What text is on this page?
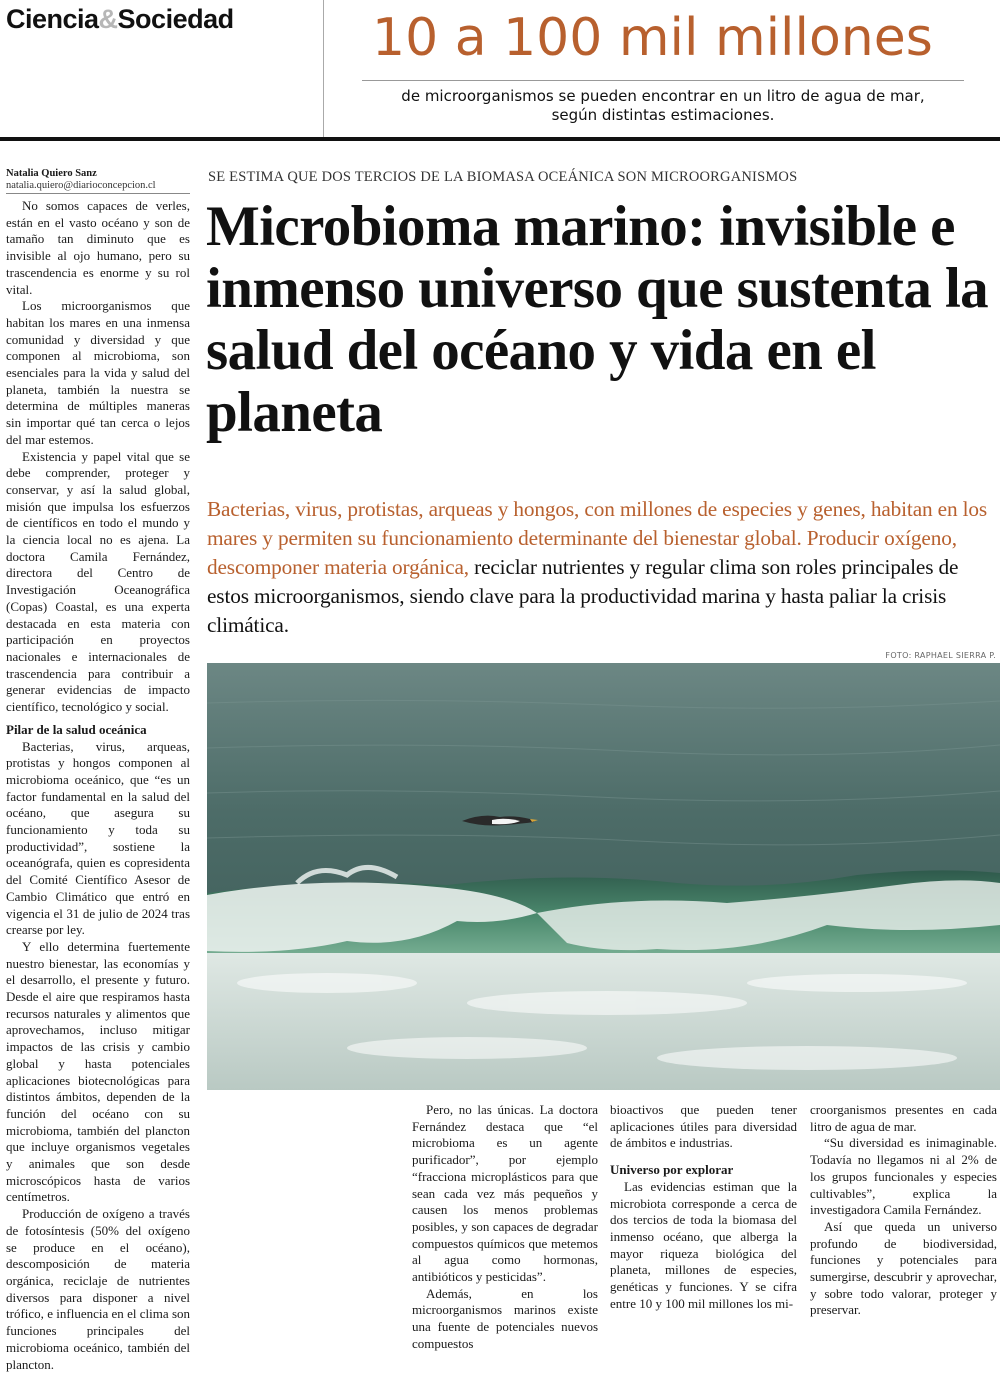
Ciencia&Sociedad	10 a 100 mil millones
de microorganismos se pueden encontrar en un litro de agua de mar,
según distintas estimaciones.
Natalia Quiero Sanz
natalia.quiero@diarioconcepcion.cl

No somos capaces de verles, están en el vasto océano y son de tamaño tan diminuto que es invisible al ojo humano, pero su trascendencia es enorme y su rol vital.

Los microorganismos que habitan los mares en una inmensa comunidad y diversidad y que componen al microbioma, son esenciales para la vida y salud del planeta, también la nuestra se determina de múltiples maneras sin importar qué tan cerca o lejos del mar estemos.

Existencia y papel vital que se debe comprender, proteger y conservar, y así la salud global, misión que impulsa los esfuerzos de científicos en todo el mundo y la ciencia local no es ajena. La doctora Camila Fernández, directora del Centro de Investigación Oceanográfica (Copas) Coastal, es una experta destacada en esta materia con participación en proyectos nacionales e internacionales de trascendencia para contribuir a generar evidencias de impacto científico, tecnológico y social.

Pilar de la salud oceánica

Bacterias, virus, arqueas, protistas y hongos componen al microbioma oceánico, que “es un factor fundamental en la salud del océano, que asegura su funcionamiento y toda su productividad”, sostiene la oceanógrafa, quien es copresidenta del Comité Científico Asesor de Cambio Climático que entró en vigencia el 31 de julio de 2024 tras crearse por ley.

Y ello determina fuertemente nuestro bienestar, las economías y el desarrollo, el presente y futuro. Desde el aire que respiramos hasta recursos naturales y alimentos que aprovechamos, incluso mitigar impactos de las crisis y cambio global y hasta potenciales aplicaciones biotecnológicas para distintos ámbitos, dependen de la función del océano con su microbioma, también del plancton que incluye organismos vegetales y animales que son desde microscópicos hasta de varios centímetros.

Producción de oxígeno a través de fotosíntesis (50% del oxígeno se produce en el océano), descomposición de materia orgánica, reciclaje de nutrientes diversos para disponer a nivel trófico, e influencia en el clima son funciones principales del microbioma oceánico, también del plancton.

SE ESTIMA QUE DOS TERCIOS DE LA BIOMASA OCEÁNICA SON MICROORGANISMOS
Microbioma marino: invisible e inmenso universo que sustenta la salud del océano y vida en el planeta
Bacterias, virus, protistas, arqueas y hongos, con millones de especies y genes, habitan en los mares y permiten su funcionamiento determinante del bienestar global. Producir oxígeno, descomponer materia orgánica, reciclar nutrientes y regular clima son roles principales de estos microorganismos, siendo clave para la productividad marina y hasta paliar la crisis climática.
FOTO: RAPHAEL SIERRA P.

Pero, no las únicas. La doctora Fernández destaca que “el microbioma es un agente purificador”, por ejemplo “fracciona microplásticos para que sean cada vez más pequeños y causen los menos problemas posibles, y son capaces de degradar compuestos químicos que metemos al agua como hormonas, antibióticos y pesticidas”.

Además, en los microorganismos marinos existe una fuente de potenciales nuevos compuestos

bioactivos que pueden tener aplicaciones útiles para diversidad de ámbitos e industrias.

Universo por explorar

Las evidencias estiman que la microbiota corresponde a cerca de dos tercios de toda la biomasa del inmenso océano, que alberga la mayor riqueza biológica del planeta, millones de especies, genéticas y funciones. Y se cifra entre 10 y 100 mil millones los mi-

croorganismos presentes en cada litro de agua de mar.

“Su diversidad es inimaginable. Todavía no llegamos ni al 2% de los grupos funcionales y especies cultivables”, explica la investigadora Camila Fernández.

Así que queda un universo profundo de biodiversidad, funciones y potenciales para sumergirse, descubrir y aprovechar, y sobre todo valorar, proteger y preservar.
